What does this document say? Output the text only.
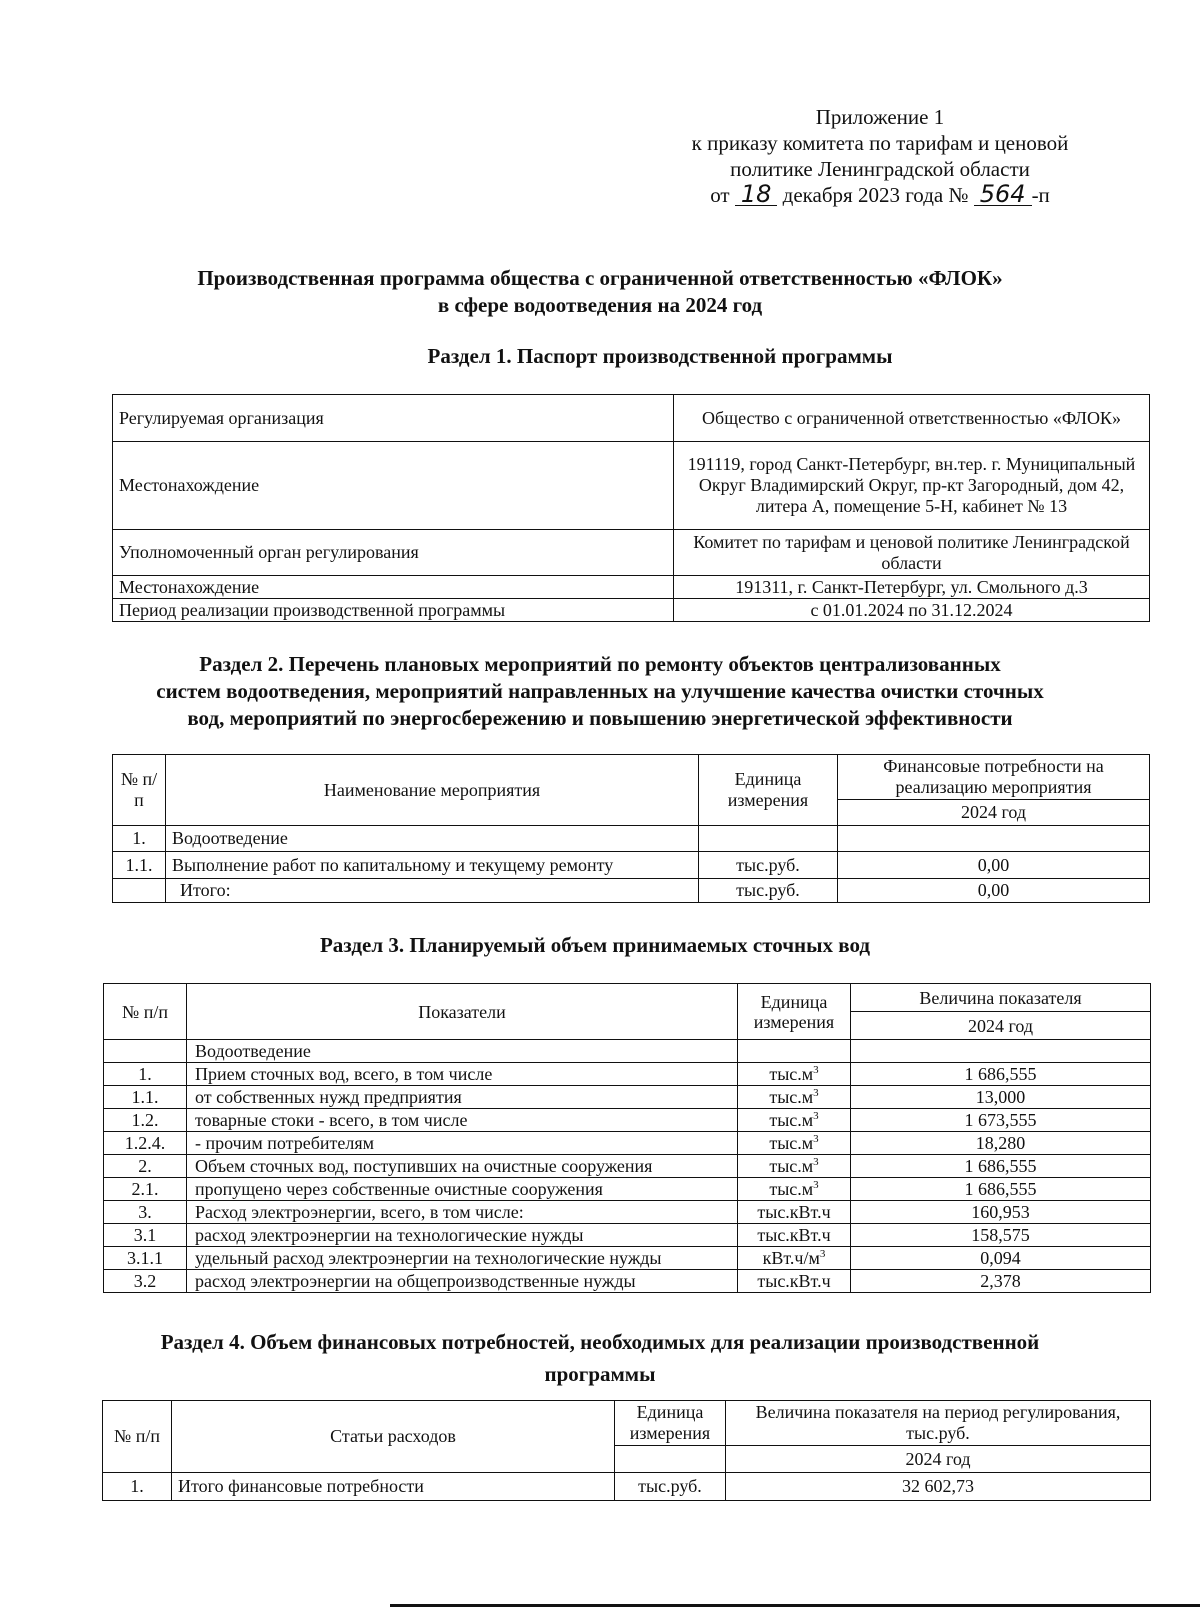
Приложение 1
к приказу комитета по тарифам и ценовой
политике Ленинградской области
от 18 декабря 2023 года № 564 -п
Производственная программа общества с ограниченной ответственностью «ФЛОК»
в сфере водоотведения на 2024 год
Раздел 1. Паспорт производственной программы
Регулируемая организация	Общество с ограниченной ответственностью «ФЛОК»
Местонахождение	191119, город Санкт-Петербург, вн.тер. г. Муниципальный Округ Владимирский Округ, пр-кт Загородный, дом 42, литера А, помещение 5-Н, кабинет № 13
Уполномоченный орган регулирования	Комитет по тарифам и ценовой политике Ленинградской области
Местонахождение	191311, г. Санкт-Петербург, ул. Смольного д.3
Период реализации производственной программы	с 01.01.2024 по 31.12.2024
Раздел 2. Перечень плановых мероприятий по ремонту объектов централизованных
систем водоотведения, мероприятий направленных на улучшение качества очистки сточных
вод, мероприятий по энергосбережению и повышению энергетической эффективности
№ п/п	Наименование мероприятия	Единица измерения	Финансовые потребности на реализацию мероприятия
			2024 год
1.	Водоотведение		
1.1.	Выполнение работ по капитальному и текущему ремонту	тыс.руб.	0,00
	Итого:	тыс.руб.	0,00
Раздел 3. Планируемый объем принимаемых сточных вод
№ п/п	Показатели	Единица измерения	Величина показателя
			2024 год
	Водоотведение		
1.	Прием сточных вод, всего, в том числе	$тыс.м^3$	1 686,555
1.1.	от собственных нужд предприятия	$тыс.м^3$	13,000
1.2.	товарные стоки - всего, в том числе	$тыс.м^3$	1 673,555
1.2.4.	- прочим потребителям	$тыс.м^3$	18,280
2.	Объем сточных вод, поступивших на очистные сооружения	$тыс.м^3$	1 686,555
2.1.	пропущено через собственные очистные сооружения	$тыс.м^3$	1 686,555
3.	Расход электроэнергии, всего, в том числе:	тыс.кВт.ч	160,953
3.1	расход электроэнергии на технологические нужды	тыс.кВт.ч	158,575
3.1.1	удельный расход электроэнергии на технологические нужды	$кВт.ч/м^3$	0,094
3.2	расход электроэнергии на общепроизводственные нужды	тыс.кВт.ч	2,378
Раздел 4. Объем финансовых потребностей, необходимых для реализации производственной
программы
№ п/п	Статьи расходов	Единица измерения	Величина показателя на период регулирования, тыс.руб.
			2024 год
1.	Итого финансовые потребности	тыс.руб.	32 602,73
